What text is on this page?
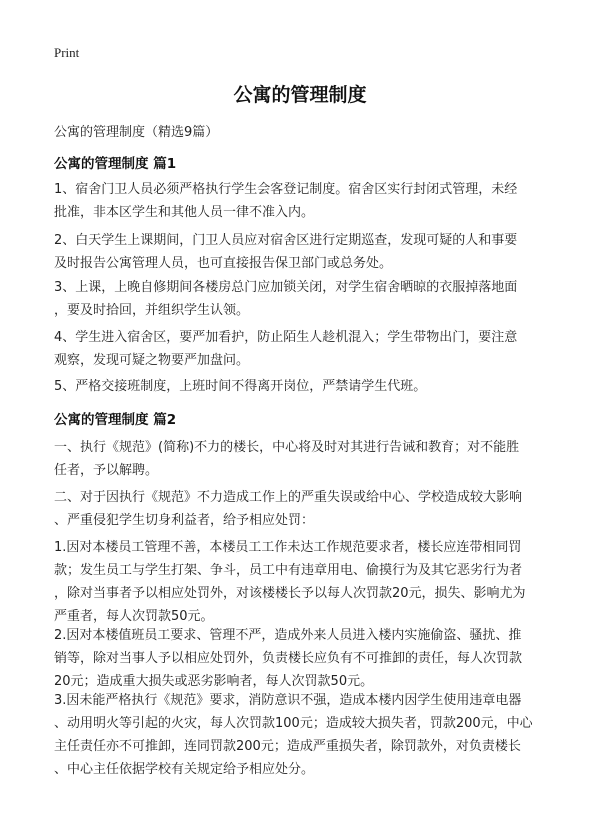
Print
公寓的管理制度
公寓的管理制度（精选9篇）
公寓的管理制度 篇1

1、宿舍门卫人员必须严格执行学生会客登记制度。宿舍区实行封闭式管理，未经
批准，非本区学生和其他人员一律不准入内。

2、白天学生上课期间，门卫人员应对宿舍区进行定期巡查，发现可疑的人和事要
及时报告公寓管理人员，也可直接报告保卫部门或总务处。

3、上课，上晚自修期间各楼房总门应加锁关闭，对学生宿舍晒晾的衣服掉落地面
，要及时拾回，并组织学生认领。

4、学生进入宿舍区，要严加看护，防止陌生人趁机混入；学生带物出门，要注意
观察，发现可疑之物要严加盘问。

5、严格交接班制度，上班时间不得离开岗位，严禁请学生代班。

公寓的管理制度 篇2

一、执行《规范》(简称)不力的楼长，中心将及时对其进行告诫和教育；对不能胜
任者，予以解聘。

二、对于因执行《规范》不力造成工作上的严重失误或给中心、学校造成较大影响
、严重侵犯学生切身利益者，给予相应处罚：

1.因对本楼员工管理不善，本楼员工工作未达工作规范要求者，楼长应连带相同罚
款；发生员工与学生打架、争斗，员工中有违章用电、偷摸行为及其它恶劣行为者
，除对当事者予以相应处罚外，对该楼楼长予以每人次罚款20元，损失、影响尤为
严重者，每人次罚款50元。

2.因对本楼值班员工要求、管理不严，造成外来人员进入楼内实施偷盗、骚扰、推
销等，除对当事人予以相应处罚外，负责楼长应负有不可推卸的责任，每人次罚款
20元；造成重大损失或恶劣影响者，每人次罚款50元。

3.因未能严格执行《规范》要求，消防意识不强，造成本楼内因学生使用违章电器
、动用明火等引起的火灾，每人次罚款100元；造成较大损失者，罚款200元，中心
主任责任亦不可推卸，连同罚款200元；造成严重损失者，除罚款外，对负责楼长
、中心主任依据学校有关规定给予相应处分。
